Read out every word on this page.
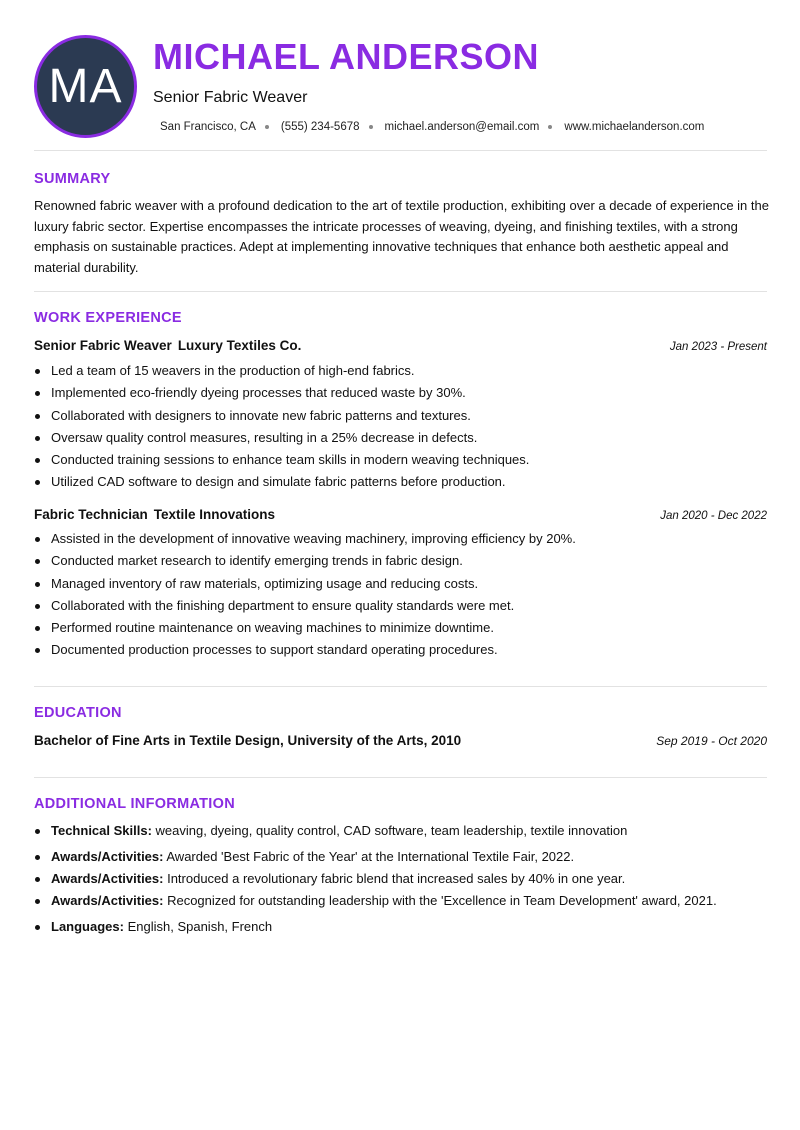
MA
MICHAEL ANDERSON
Senior Fabric Weaver
San Francisco, CA (555) 234-5678 michael.anderson@email.com www.michaelanderson.com
SUMMARY
Renowned fabric weaver with a profound dedication to the art of textile production, exhibiting over a decade of experience in the luxury fabric sector. Expertise encompasses the intricate processes of weaving, dyeing, and finishing textiles, with a strong emphasis on sustainable practices. Adept at implementing innovative techniques that enhance both aesthetic appeal and material durability.
WORK EXPERIENCE
Senior Fabric Weaver Luxury Textiles Co.	Jan 2023 - Present
Led a team of 15 weavers in the production of high-end fabrics.
Implemented eco-friendly dyeing processes that reduced waste by 30%.
Collaborated with designers to innovate new fabric patterns and textures.
Oversaw quality control measures, resulting in a 25% decrease in defects.
Conducted training sessions to enhance team skills in modern weaving techniques.
Utilized CAD software to design and simulate fabric patterns before production.
Fabric Technician Textile Innovations	Jan 2020 - Dec 2022
Assisted in the development of innovative weaving machinery, improving efficiency by 20%.
Conducted market research to identify emerging trends in fabric design.
Managed inventory of raw materials, optimizing usage and reducing costs.
Collaborated with the finishing department to ensure quality standards were met.
Performed routine maintenance on weaving machines to minimize downtime.
Documented production processes to support standard operating procedures.
EDUCATION
Bachelor of Fine Arts in Textile Design, University of the Arts, 2010	Sep 2019 - Oct 2020
ADDITIONAL INFORMATION
Technical Skills: weaving, dyeing, quality control, CAD software, team leadership, textile innovation
Awards/Activities: Awarded 'Best Fabric of the Year' at the International Textile Fair, 2022.
Awards/Activities: Introduced a revolutionary fabric blend that increased sales by 40% in one year.
Awards/Activities: Recognized for outstanding leadership with the 'Excellence in Team Development' award, 2021.
Languages: English, Spanish, French
